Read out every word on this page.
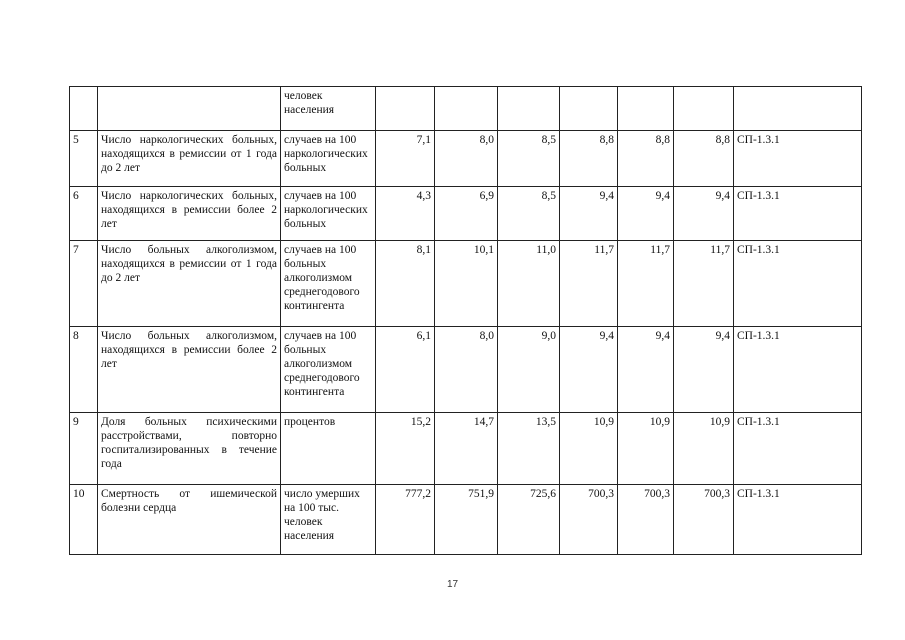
		человек населения							
5	Число наркологических больных, находящихся в ремиссии от 1 года до 2 лет	случаев на 100 наркологических больных	7,1	8,0	8,5	8,8	8,8	8,8	СП-1.3.1
6	Число наркологических больных, находящихся в ремиссии более 2 лет	случаев на 100 наркологических больных	4,3	6,9	8,5	9,4	9,4	9,4	СП-1.3.1
7	Число больных алкоголизмом, находящихся в ремиссии от 1 года до 2 лет	случаев на 100 больных алкоголизмом среднегодового контингента	8,1	10,1	11,0	11,7	11,7	11,7	СП-1.3.1
8	Число больных алкоголизмом, находящихся в ремиссии более 2 лет	случаев на 100 больных алкоголизмом среднегодового контингента	6,1	8,0	9,0	9,4	9,4	9,4	СП-1.3.1
9	Доля больных психическими расстройствами, повторно госпитализированных в течение года	процентов	15,2	14,7	13,5	10,9	10,9	10,9	СП-1.3.1
10	Смертность от ишемической болезни сердца	число умерших на 100 тыс. человек населения	777,2	751,9	725,6	700,3	700,3	700,3	СП-1.3.1
17
